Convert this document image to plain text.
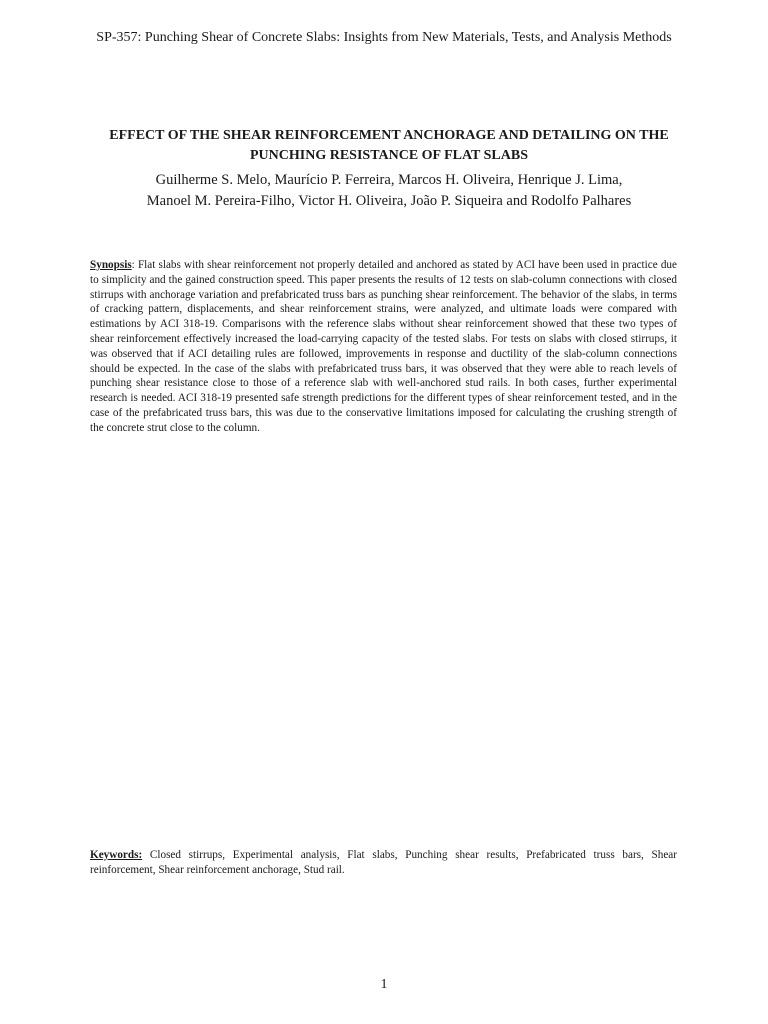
SP-357: Punching Shear of Concrete Slabs: Insights from New Materials, Tests, and Analysis Methods
EFFECT OF THE SHEAR REINFORCEMENT ANCHORAGE AND DETAILING ON THE PUNCHING RESISTANCE OF FLAT SLABS
Guilherme S. Melo, Maurício P. Ferreira, Marcos H. Oliveira, Henrique J. Lima,
Manoel M. Pereira-Filho, Victor H. Oliveira, João P. Siqueira and Rodolfo Palhares
Synopsis: Flat slabs with shear reinforcement not properly detailed and anchored as stated by ACI have been used in practice due to simplicity and the gained construction speed. This paper presents the results of 12 tests on slab-column connections with closed stirrups with anchorage variation and prefabricated truss bars as punching shear reinforcement. The behavior of the slabs, in terms of cracking pattern, displacements, and shear reinforcement strains, were analyzed, and ultimate loads were compared with estimations by ACI 318-19. Comparisons with the reference slabs without shear reinforcement showed that these two types of shear reinforcement effectively increased the load-carrying capacity of the tested slabs. For tests on slabs with closed stirrups, it was observed that if ACI detailing rules are followed, improvements in response and ductility of the slab-column connections should be expected. In the case of the slabs with prefabricated truss bars, it was observed that they were able to reach levels of punching shear resistance close to those of a reference slab with well-anchored stud rails. In both cases, further experimental research is needed. ACI 318-19 presented safe strength predictions for the different types of shear reinforcement tested, and in the case of the prefabricated truss bars, this was due to the conservative limitations imposed for calculating the crushing strength of the concrete strut close to the column.
Keywords: Closed stirrups, Experimental analysis, Flat slabs, Punching shear results, Prefabricated truss bars, Shear reinforcement, Shear reinforcement anchorage, Stud rail.
1
